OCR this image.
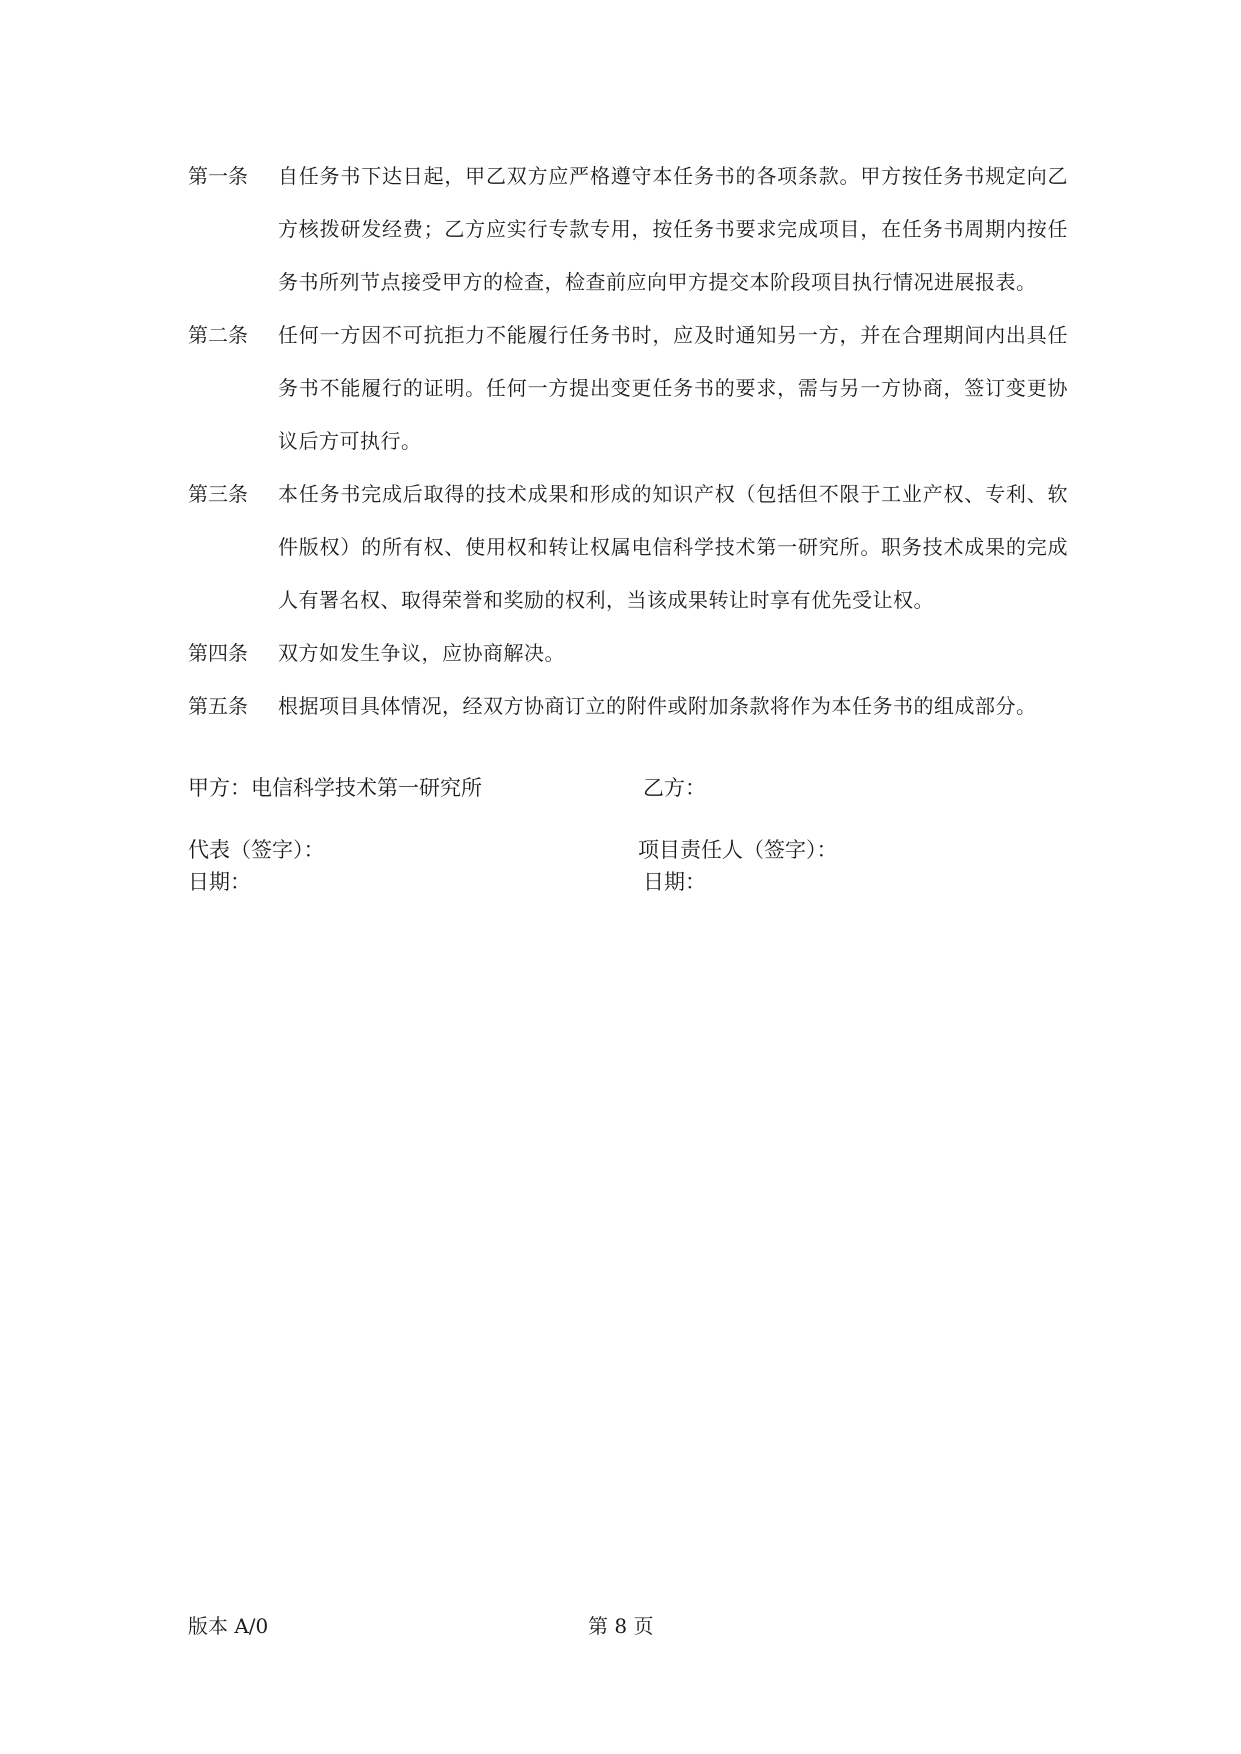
第一条 自任务书下达日起，甲乙双方应严格遵守本任务书的各项条款。甲方按任务书规定向乙方核拨研发经费；乙方应实行专款专用，按任务书要求完成项目，在任务书周期内按任务书所列节点接受甲方的检查，检查前应向甲方提交本阶段项目执行情况进展报表。
第二条 任何一方因不可抗拒力不能履行任务书时，应及时通知另一方，并在合理期间内出具任务书不能履行的证明。任何一方提出变更任务书的要求，需与另一方协商，签订变更协议后方可执行。
第三条 本任务书完成后取得的技术成果和形成的知识产权（包括但不限于工业产权、专利、软件版权）的所有权、使用权和转让权属电信科学技术第一研究所。职务技术成果的完成人有署名权、取得荣誉和奖励的权利，当该成果转让时享有优先受让权。
第四条 双方如发生争议，应协商解决。
第五条 根据项目具体情况，经双方协商订立的附件或附加条款将作为本任务书的组成部分。
甲方：电信科学技术第一研究所	乙方：
代表（签字）：	项目责任人（签字）：
日期：	日期：
版本 A/0	第 8 页
